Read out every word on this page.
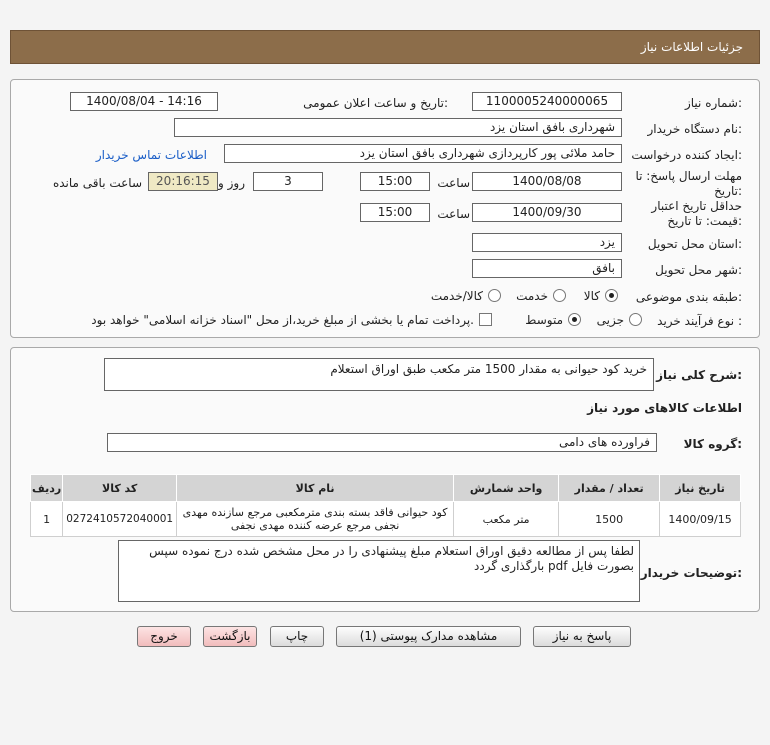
جزئیات اطلاعات نیاز
شماره نیاز:
1100005240000065
تاریخ و ساعت اعلان عمومی:
1400/08/04 - 14:16
نام دستگاه خریدار:
شهرداری بافق استان یزد
ایجاد کننده درخواست:
حامد ملائی پور کارپردازی شهرداری بافق استان یزد
اطلاعات تماس خریدار
مهلت ارسال پاسخ: تا
تاریخ:
1400/08/08
ساعت
15:00
3
روز و
20:16:15
ساعت باقی مانده
حداقل تاریخ اعتبار
قیمت: تا تاریخ:
1400/09/30
ساعت
15:00
استان محل تحویل:
یزد
شهر محل تحویل:
بافق
طبقه بندی موضوعی:
کالا
خدمت
کالا/خدمت
نوع فرآیند خرید :
جزیی
متوسط
پرداخت تمام یا بخشی از مبلغ خرید،از محل "اسناد خزانه اسلامی" خواهد بود.
شرح کلی نیاز:
خرید کود حیوانی به مقدار 1500 متر مکعب طبق اوراق استعلام
اطلاعات کالاهای مورد نیاز
گروه کالا:
فراورده های دامی
ردیف	کد کالا	نام کالا	واحد شمارش	تعداد / مقدار	تاریخ نیاز
1	0272410572040001	کود حیوانی فاقد بسته بندی مترمکعبی مرجع سازنده مهدی نجفی مرجع عرضه کننده مهدی نجفی	متر مکعب	1500	1400/09/15
توضیحات خریدار:
لطفا پس از مطالعه دقیق اوراق استعلام مبلغ پیشنهادی را در محل مشخص شده درج نموده سپس بصورت فایل pdf بارگذاری گردد
پاسخ به نیاز
مشاهده مدارک پیوستی (1)
چاپ
بازگشت
خروج
